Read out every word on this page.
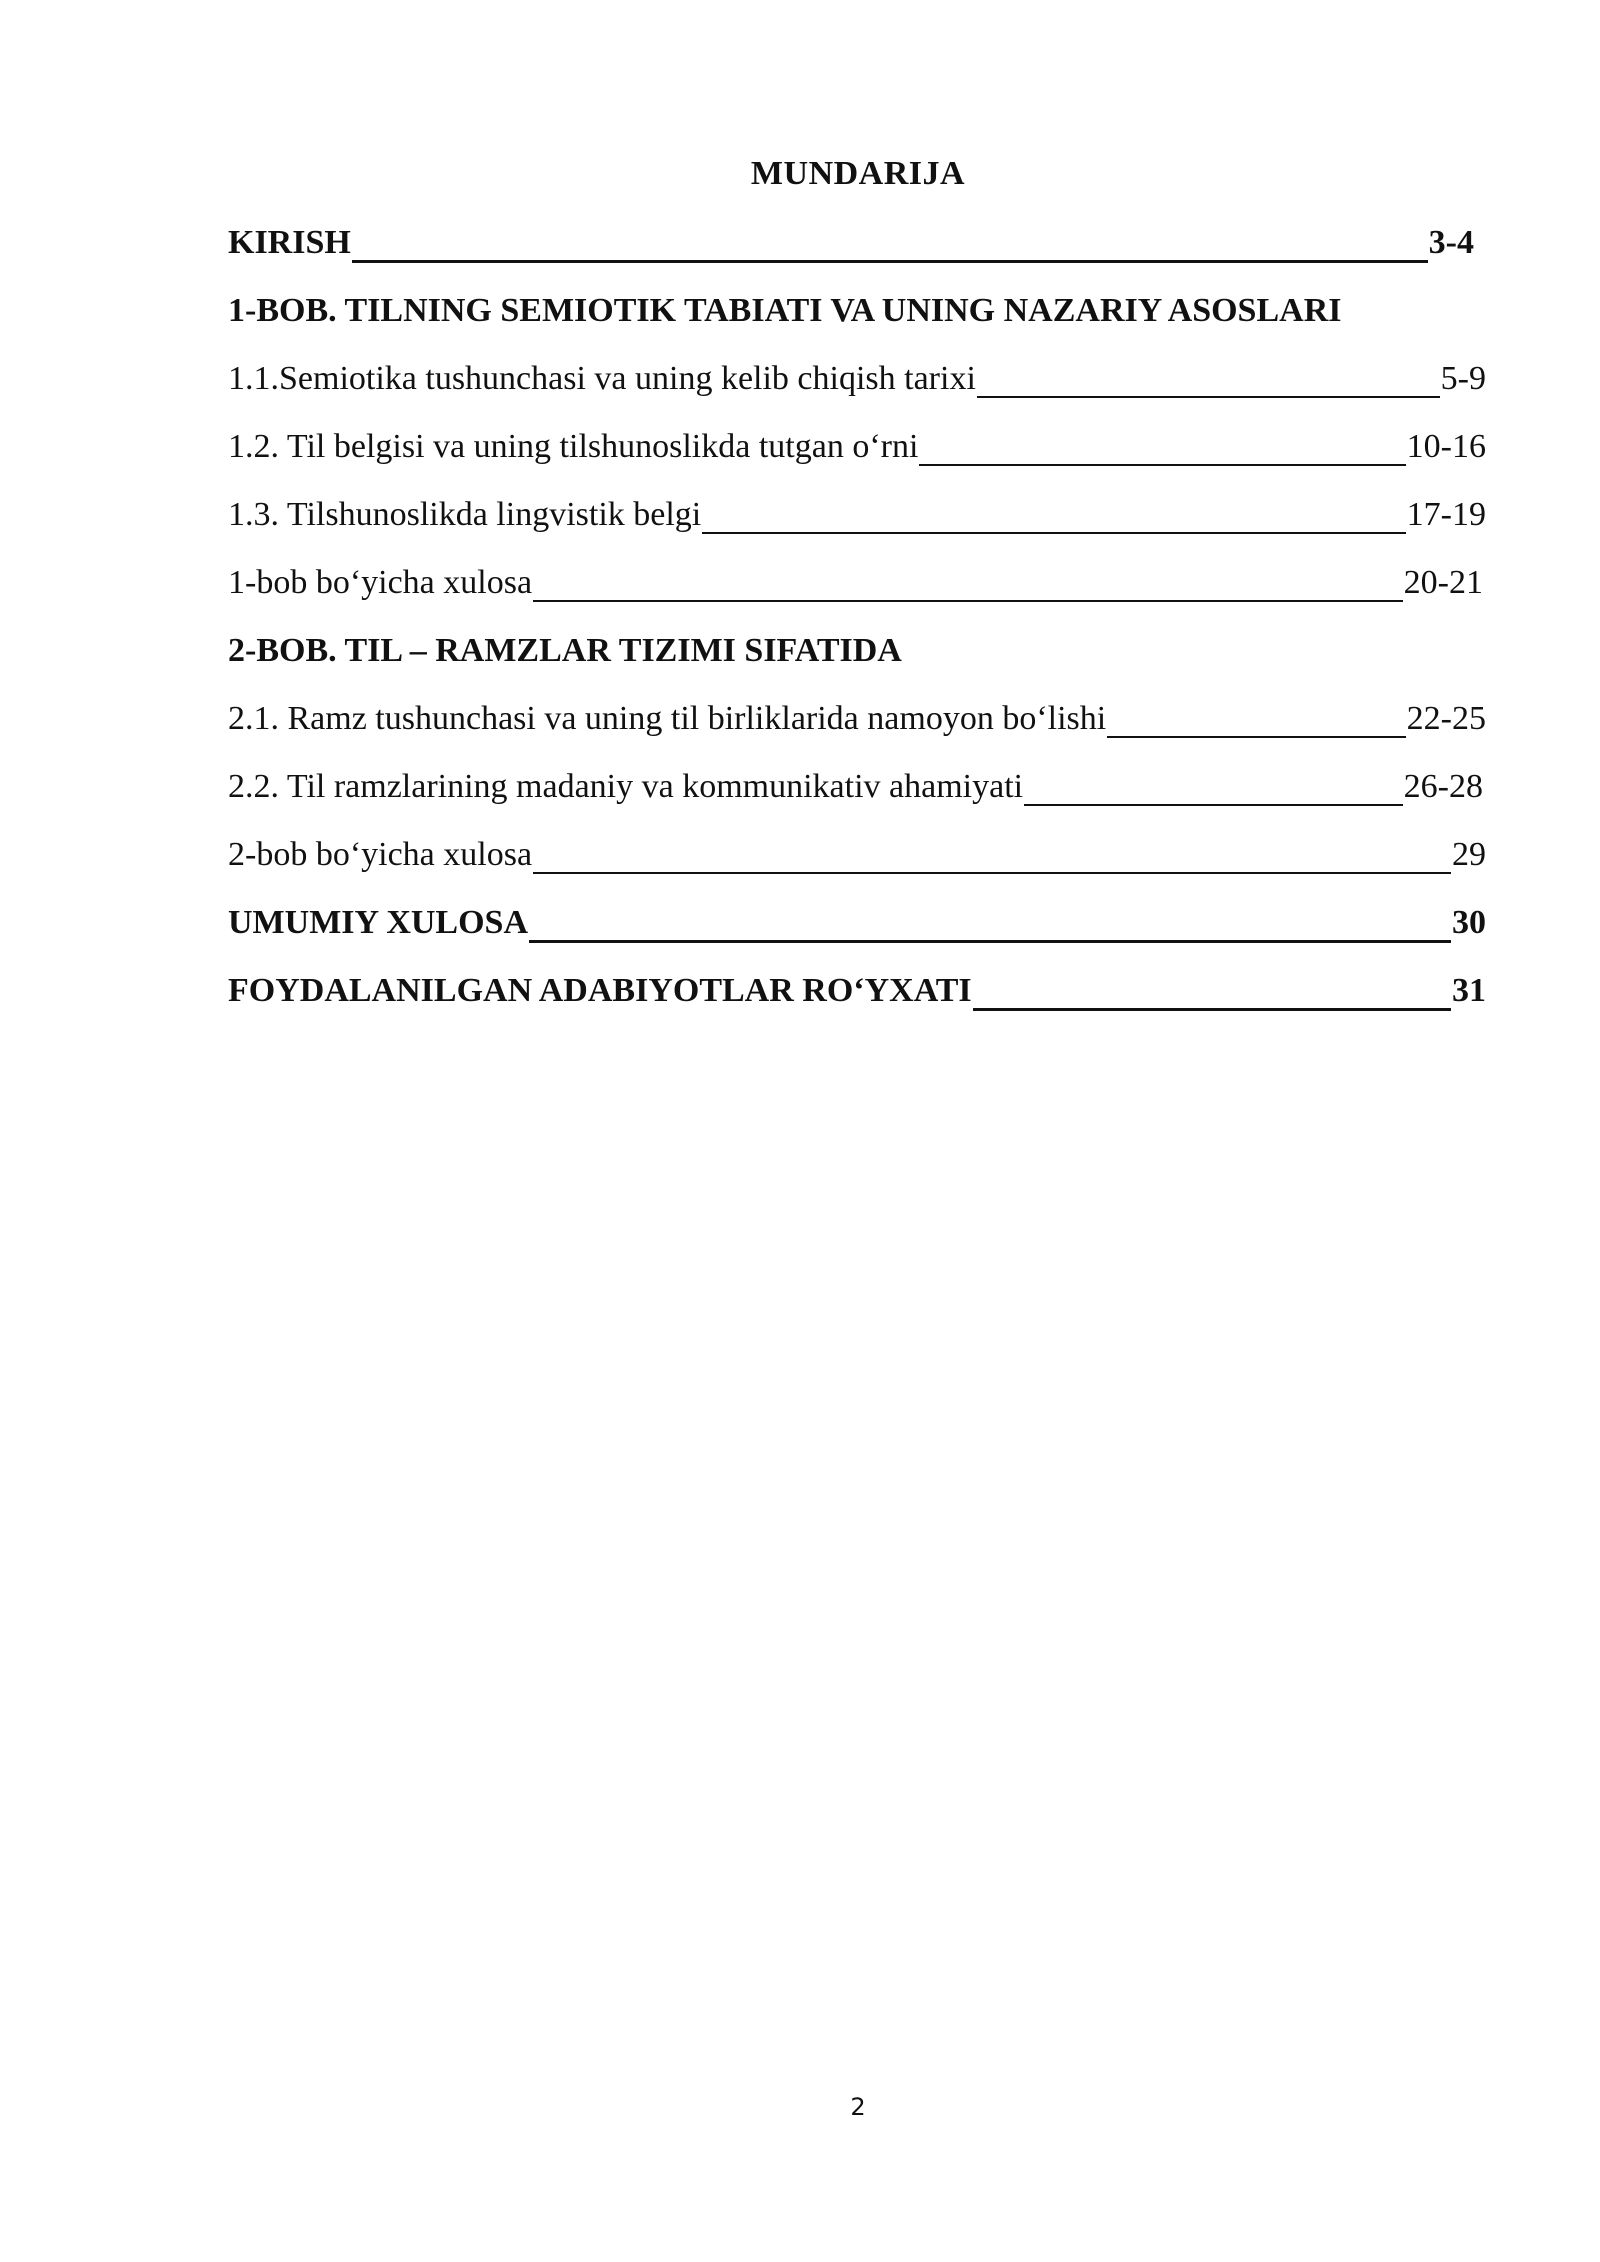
MUNDARIJA
KIRISH	3-4
1-BOB. TILNING SEMIOTIK TABIATI VA UNING NAZARIY ASOSLARI
1.1.Semiotika tushunchasi va uning kelib chiqish tarixi	5-9
1.2. Til belgisi va uning tilshunoslikda tutgan o‘rni	10-16
1.3. Tilshunoslikda lingvistik belgi	17-19
1-bob bo‘yicha xulosa	20-21
2-BOB. TIL – RAMZLAR TIZIMI SIFATIDA
2.1. Ramz tushunchasi va uning til birliklarida namoyon bo‘lishi	22-25
2.2. Til ramzlarining madaniy va kommunikativ ahamiyati	26-28
2-bob bo‘yicha xulosa	29
UMUMIY XULOSA	30
FOYDALANILGAN ADABIYOTLAR RO‘YXATI	31
2
